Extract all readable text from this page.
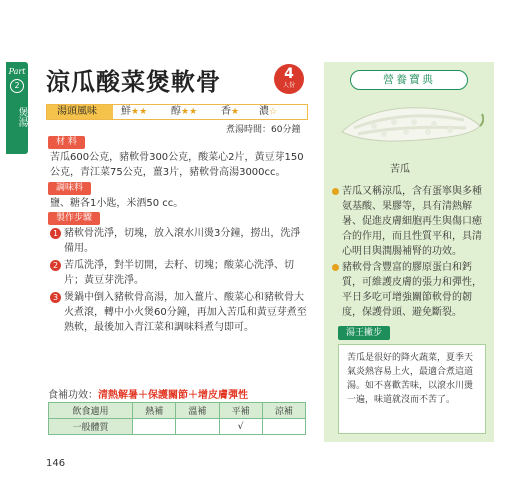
Part
2
煲湯
涼瓜酸菜煲軟骨	4
人份
湯頭風味	鮮★★ 醇★★ 香★ 濃☆
煮湯時間：60分鐘
材 料

苦瓜600公克，豬軟骨300公克，酸菜心2片，黃豆芽150公克，青江菜75公克，薑3片，豬軟骨高湯3000cc。

調味料

鹽、糖各1小匙，米酒50 cc。

製作步驟
1 豬軟骨洗淨，切塊，放入滾水川燙3分鐘，撈出，洗淨備用。
2 苦瓜洗淨，對半切開，去籽、切塊；酸菜心洗淨、切片；黃豆芽洗淨。
3 煲鍋中倒入豬軟骨高湯，加入薑片、酸菜心和豬軟骨大火煮滾，轉中小火煲60分鐘，再加入苦瓜和黃豆芽煮至熟軟，最後加入青江菜和調味料煮勻即可。
食補功效：清熱解暑＋保護關節＋增皮膚彈性
飲食適用	熱補	溫補	平補	涼補
一般體質			√	
146
營養寶典
苦瓜
苦瓜又稱涼瓜，含有蛋寧與多種氨基酸、果膠等，具有清熱解暑、促進皮膚細胞再生與傷口癒合的作用，而且性質平和，具清心明目與潤腸補腎的功效。
豬軟骨含豐富的膠原蛋白和鈣質，可維護皮膚的張力和彈性，平日多吃可增強關節軟骨的韌度，保護骨頭、避免斷裂。
湯王撇步

苦瓜是很好的降火蔬菜，夏季天氣炎熱容易上火，最適合煮這道湯。如不喜歡苦味，以滾水川燙一遍，味道就沒而不苦了。
